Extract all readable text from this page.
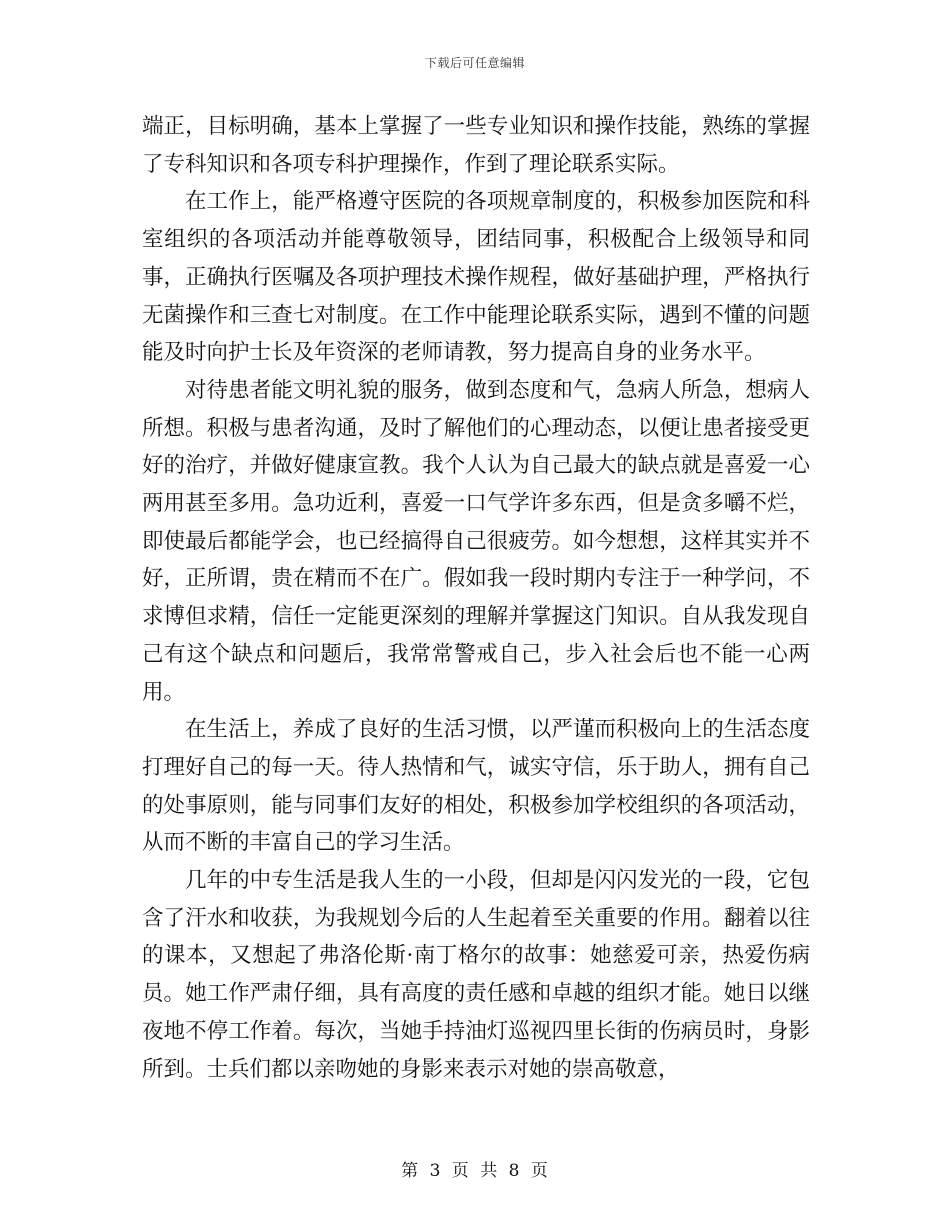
下载后可任意编辑

端正，目标明确，基本上掌握了一些专业知识和操作技能，熟练的掌握了专科知识和各项专科护理操作，作到了理论联系实际。

在工作上，能严格遵守医院的各项规章制度的，积极参加医院和科室组织的各项活动并能尊敬领导，团结同事，积极配合上级领导和同事，正确执行医嘱及各项护理技术操作规程，做好基础护理，严格执行无菌操作和三查七对制度。在工作中能理论联系实际，遇到不懂的问题能及时向护士长及年资深的老师请教，努力提高自身的业务水平。

对待患者能文明礼貌的服务，做到态度和气，急病人所急，想病人所想。积极与患者沟通，及时了解他们的心理动态，以便让患者接受更好的治疗，并做好健康宣教。我个人认为自己最大的缺点就是喜爱一心两用甚至多用。急功近利，喜爱一口气学许多东西，但是贪多嚼不烂，即使最后都能学会，也已经搞得自己很疲劳。如今想想，这样其实并不好，正所谓，贵在精而不在广。假如我一段时期内专注于一种学问，不求博但求精，信任一定能更深刻的理解并掌握这门知识。自从我发现自己有这个缺点和问题后，我常常警戒自己，步入社会后也不能一心两用。

在生活上，养成了良好的生活习惯，以严谨而积极向上的生活态度打理好自己的每一天。待人热情和气，诚实守信，乐于助人，拥有自己的处事原则，能与同事们友好的相处，积极参加学校组织的各项活动，从而不断的丰富自己的学习生活。

几年的中专生活是我人生的一小段，但却是闪闪发光的一段，它包含了汗水和收获，为我规划今后的人生起着至关重要的作用。翻着以往的课本，又想起了弗洛伦斯·南丁格尔的故事：她慈爱可亲，热爱伤病员。她工作严肃仔细，具有高度的责任感和卓越的组织才能。她日以继夜地不停工作着。每次，当她手持油灯巡视四里长街的伤病员时，身影所到。士兵们都以亲吻她的身影来表示对她的崇高敬意，

第 3 页 共 8 页
